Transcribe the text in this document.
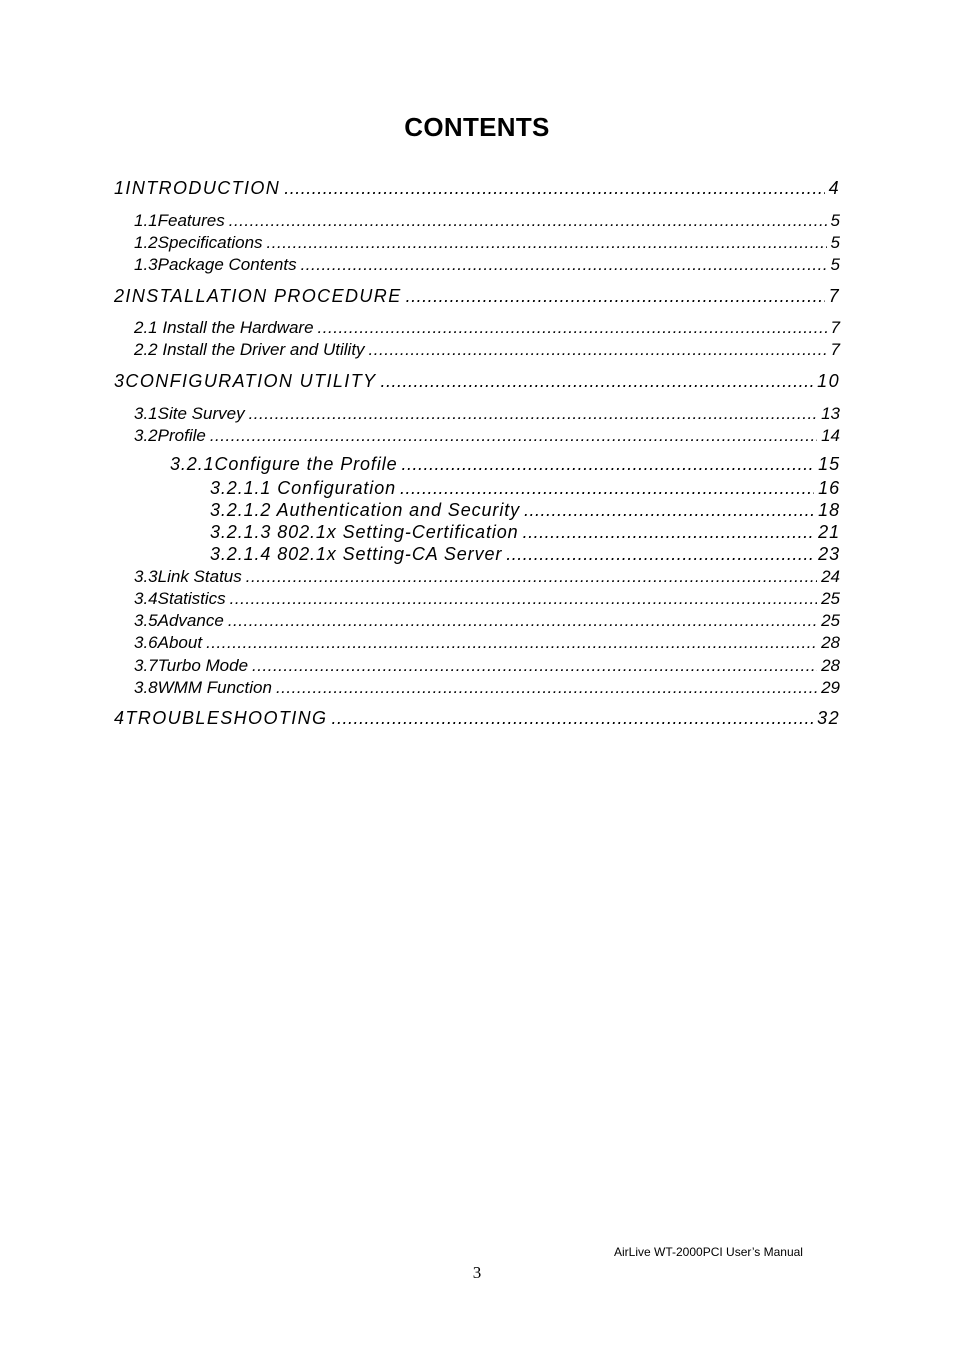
CONTENTS
1 INTRODUCTION .....	4
1.1 Features .....	5
1.2 Specifications .....	5
1.3 Package Contents .....	5
2 INSTALLATION PROCEDURE .....	7
2.1 Install the Hardware .....	7
2.2 Install the Driver and Utility .....	7
3 CONFIGURATION UTILITY .....	10
3.1 Site Survey .....	13
3.2 Profile .....	14
3.2.1Configure the Profile .....	15
3.2.1.1 Configuration .....	16
3.2.1.2 Authentication and Security .....	18
3.2.1.3 802.1x Setting-Certification .....	21
3.2.1.4 802.1x Setting-CA Server .....	23
3.3 Link Status .....	24
3.4 Statistics .....	25
3.5 Advance .....	25
3.6 About .....	28
3.7 Turbo Mode .....	28
3.8 WMM Function .....	29
4 TROUBLESHOOTING .....	32
AirLive WT-2000PCI User’s Manual
3
